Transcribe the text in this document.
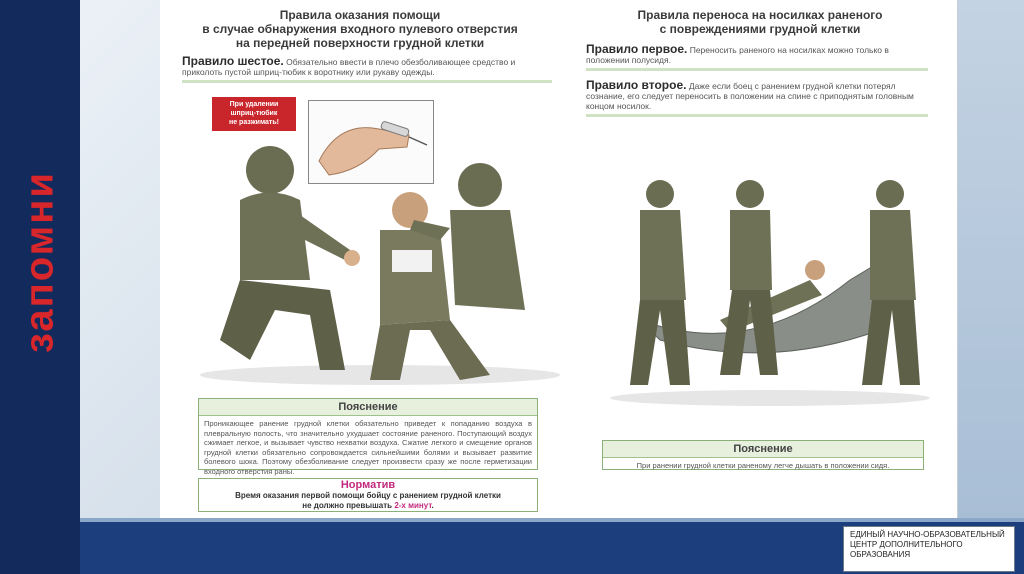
запомни
ЕДИНЫЙ НАУЧНО-ОБРАЗОВАТЕЛЬНЫЙ
ЦЕНТР ДОПОЛНИТЕЛЬНОГО
ОБРАЗОВАНИЯ
Правила оказания помощи
в случае обнаружения входного пулевого отверстия
на передней поверхности грудной клетки
Правило шестое. Обязательно ввести в плечо обезболивающее средство и приколоть пустой шприц-тюбик к воротнику или рукаву одежды.
При удалении
шприц-тюбик
не разжимать!
Пояснение
Проникающее ранение грудной клетки обязательно приведет к попаданию воздуха в плевральную полость, что значительно ухудшает состояние раненого. Поступающий воздух сжимает легкое, и вызывает чувство нехватки воздуха. Сжатие легкого и смещение органов грудной клетки обязательно сопровождается сильнейшими болями и вызывает развитие болевого шока. Поэтому обезболивание следует произвести сразу же после герметизации входного отверстия раны.
Норматив
Время оказания первой помощи бойцу с ранением грудной клетки
не должно превышать 2-х минут.
Правила переноса на носилках раненого
с повреждениями грудной клетки
Правило первое. Переносить раненого на носилках можно только в положении полусидя.
Правило второе. Даже если боец с ранением грудной клетки потерял сознание, его следует переносить в положении на спине с приподнятым головным концом носилок.
Пояснение
При ранении грудной клетки раненому легче дышать в положении сидя.
